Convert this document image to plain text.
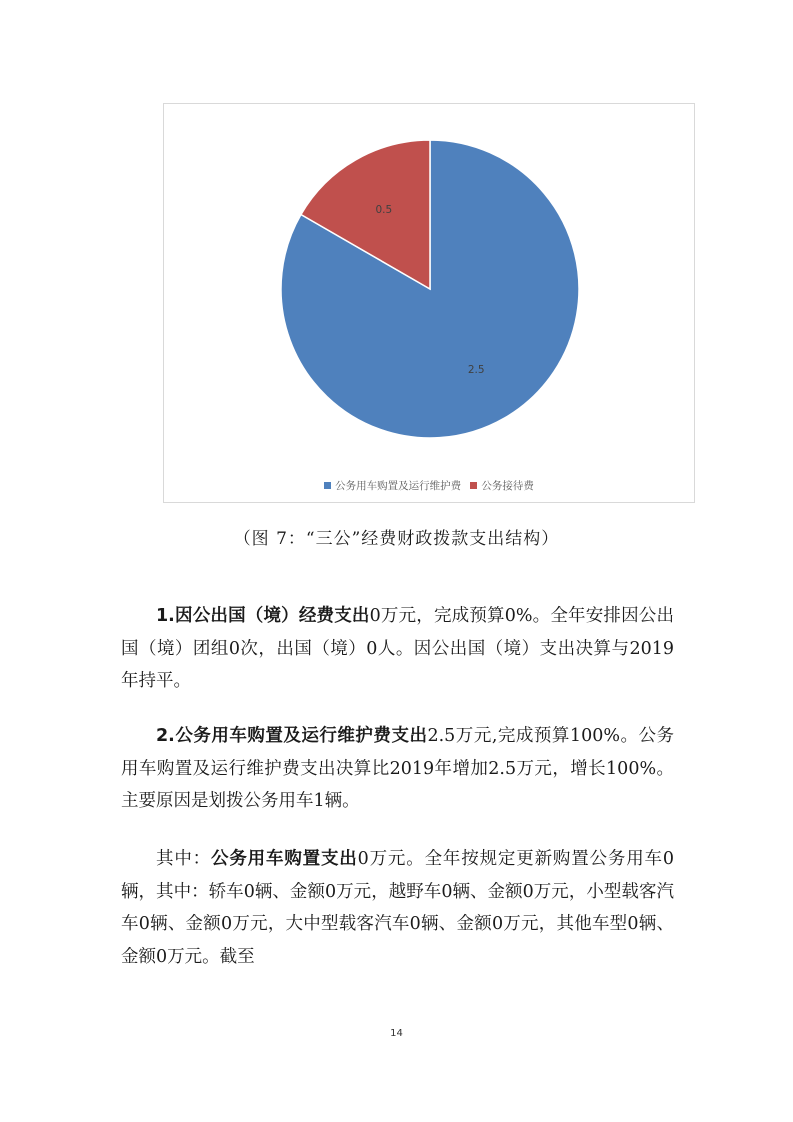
2.5
0.5
公务用车购置及运行维护费 公务接待费
（图 7：“三公”经费财政拨款支出结构）

1.因公出国（境）经费支出0万元，完成预算0%。全年安排因公出国（境）团组0次，出国（境）0人。因公出国（境）支出决算与2019年持平。

2.公务用车购置及运行维护费支出2.5万元,完成预算100%。公务用车购置及运行维护费支出决算比2019年增加2.5万元，增长100%。主要原因是划拨公务用车1辆。

其中：公务用车购置支出0万元。全年按规定更新购置公务用车0辆，其中：轿车0辆、金额0万元，越野车0辆、金额0万元，小型载客汽车0辆、金额0万元，大中型载客汽车0辆、金额0万元，其他车型0辆、金额0万元。截至

14
